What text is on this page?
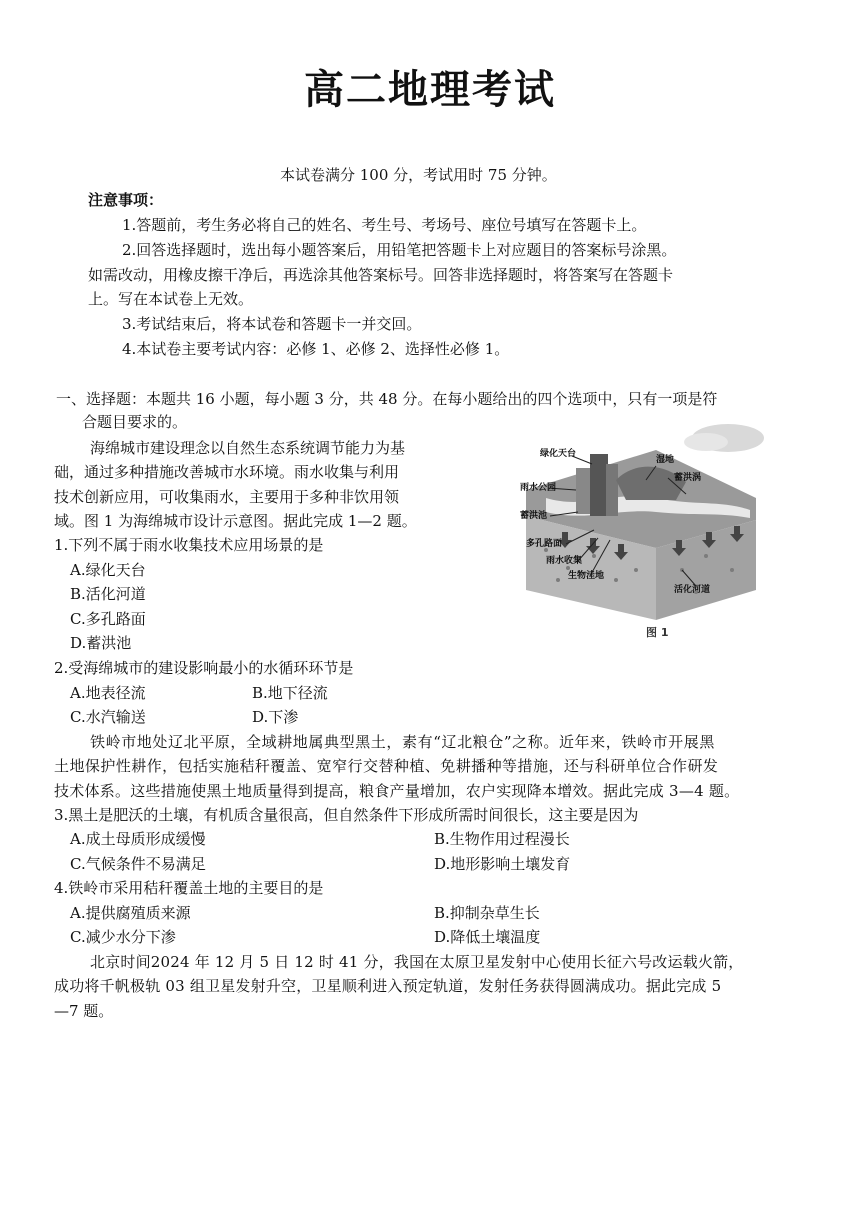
高二地理考试
本试卷满分 100 分，考试用时 75 分钟。
注意事项：
1.答题前，考生务必将自己的姓名、考生号、考场号、座位号填写在答题卡上。
2.回答选择题时，选出每小题答案后，用铅笔把答题卡上对应题目的答案标号涂黑。
如需改动，用橡皮擦干净后，再选涂其他答案标号。回答非选择题时，将答案写在答题卡
上。写在本试卷上无效。
3.考试结束后，将本试卷和答题卡一并交回。
4.本试卷主要考试内容：必修 1、必修 2、选择性必修 1。
一、选择题：本题共 16 小题，每小题 3 分，共 48 分。在每小题给出的四个选项中，只有一项是符
合题目要求的。
海绵城市建设理念以自然生态系统调节能力为基
础，通过多种措施改善城市水环境。雨水收集与利用
技术创新应用，可收集雨水，主要用于多种非饮用领
域。图 1 为海绵城市设计示意图。据此完成 1—2 题。
1.下列不属于雨水收集技术应用场景的是
A.绿化天台
B.活化河道
C.多孔路面
D.蓄洪池
2.受海绵城市的建设影响最小的水循环环节是
A.地表径流	B.地下径流
C.水汽输送	D.下渗
铁岭市地处辽北平原，全域耕地属典型黑土，素有“辽北粮仓”之称。近年来，铁岭市开展黑
土地保护性耕作，包括实施秸秆覆盖、宽窄行交替种植、免耕播种等措施，还与科研单位合作研发
技术体系。这些措施使黑土地质量得到提高，粮食产量增加，农户实现降本增效。据此完成 3—4 题。
3.黑土是肥沃的土壤，有机质含量很高，但自然条件下形成所需时间很长，这主要是因为
A.成土母质形成缓慢	B.生物作用过程漫长
C.气候条件不易满足	D.地形影响土壤发育
4.铁岭市采用秸秆覆盖土地的主要目的是
A.提供腐殖质来源	B.抑制杂草生长
C.减少水分下渗	D.降低土壤温度
北京时间2024 年 12 月 5 日 12 时 41 分，我国在太原卫星发射中心使用长征六号改运载火箭，
成功将千帆极轨 03 组卫星发射升空，卫星顺利进入预定轨道，发射任务获得圆满成功。据此完成 5
—7 题。
绿化天台
湿地
蓄洪涡
雨水公园
蓄洪池
多孔路面
雨水收集
生物洼地
活化河道
图 1
